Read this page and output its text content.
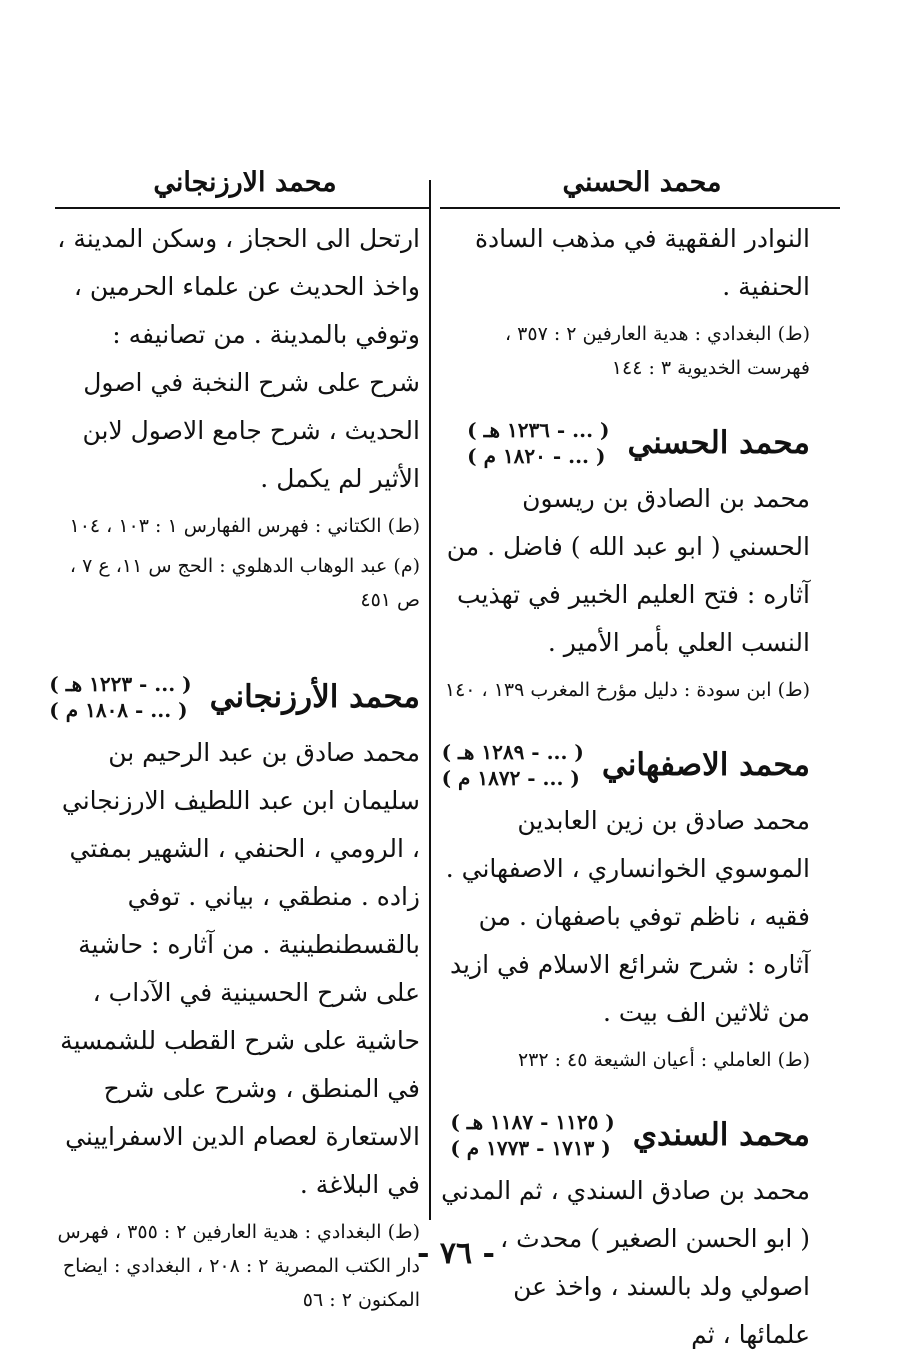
محمد الحسني
محمد الارزنجاني

النوادر الفقهية في مذهب السادة الحنفية .

(ط) البغدادي : هدية العارفين ٢ : ٣٥٧ ، فهرست الخديوية ٣ : ١٤٤

محمد الحسني
( ... - ١٢٣٦ هـ )
( ... - ١٨٢٠ م )

محمد بن الصادق بن ريسون الحسني ( ابو عبد الله ) فاضل . من آثاره : فتح العليم الخبير في تهذيب النسب العلي بأمر الأمير .

(ط) ابن سودة : دليل مؤرخ المغرب ١٣٩ ، ١٤٠

محمد الاصفهاني
( ... - ١٢٨٩ هـ )
( ... - ١٨٧٢ م )

محمد صادق بن زين العابدين الموسوي الخوانساري ، الاصفهاني . فقيه ، ناظم توفي باصفهان . من آثاره : شرح شرائع الاسلام في ازيد من ثلاثين الف بيت .

(ط) العاملي : أعيان الشيعة ٤٥ : ٢٣٢

محمد السندي
( ١١٢٥ - ١١٨٧ هـ )
( ١٧١٣ - ١٧٧٣ م )

محمد بن صادق السندي ، ثم المدني ( ابو الحسن الصغير ) محدث ، اصولي ولد بالسند ، واخذ عن علمائها ، ثم

ارتحل الى الحجاز ، وسكن المدينة ، واخذ الحديث عن علماء الحرمين ، وتوفي بالمدينة . من تصانيفه : شرح على شرح النخبة في اصول الحديث ، شرح جامع الاصول لابن الأثير لم يكمل .

(ط) الكتاني : فهرس الفهارس ١ : ١٠٣ ، ١٠٤

(م) عبد الوهاب الدهلوي : الحج س ١١، ع ٧ ، ص ٤٥١

محمد الأرزنجاني
( ... - ١٢٢٣ هـ )
( ... - ١٨٠٨ م )

محمد صادق بن عبد الرحيم بن سليمان ابن عبد اللطيف الارزنجاني ، الرومي ، الحنفي ، الشهير بمفتي زاده . منطقي ، بياني . توفي بالقسطنطينية . من آثاره : حاشية على شرح الحسينية في الآداب ، حاشية على شرح القطب للشمسية في المنطق ، وشرح على شرح الاستعارة لعصام الدين الاسفراييني في البلاغة .

(ط) البغدادي : هدية العارفين ٢ : ٣٥٥ ، فهرس دار الكتب المصرية ٢ : ٢٠٨ ، البغدادي : ايضاح المكنون ٢ : ٥٦

- ٧٦ -
